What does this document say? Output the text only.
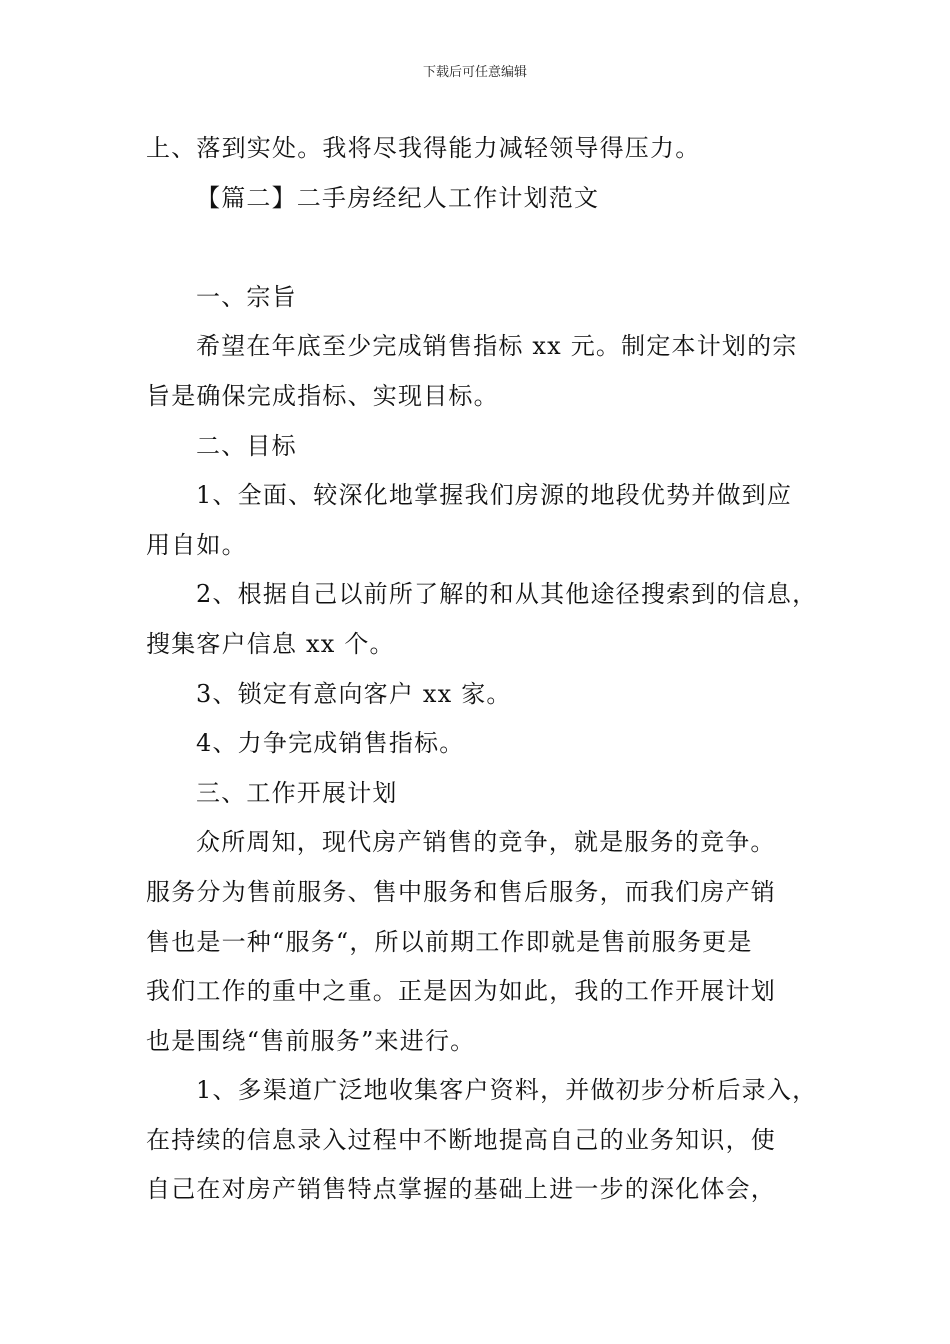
下载后可任意编辑

上、落到实处。我将尽我得能力减轻领导得压力。

【篇二】二手房经纪人工作计划范文

一、宗旨

希望在年底至少完成销售指标 xx 元。制定本计划的宗

旨是确保完成指标、实现目标。

二、目标

1、全面、较深化地掌握我们房源的地段优势并做到应

用自如。

2、根据自己以前所了解的和从其他途径搜索到的信息，

搜集客户信息 xx 个。

3、锁定有意向客户 xx 家。

4、力争完成销售指标。

三、工作开展计划

众所周知，现代房产销售的竞争，就是服务的竞争。

服务分为售前服务、售中服务和售后服务，而我们房产销

售也是一种“服务“，所以前期工作即就是售前服务更是

我们工作的重中之重。正是因为如此，我的工作开展计划

也是围绕“售前服务”来进行。

1、多渠道广泛地收集客户资料，并做初步分析后录入，

在持续的信息录入过程中不断地提高自己的业务知识，使

自己在对房产销售特点掌握的基础上进一步的深化体会，
